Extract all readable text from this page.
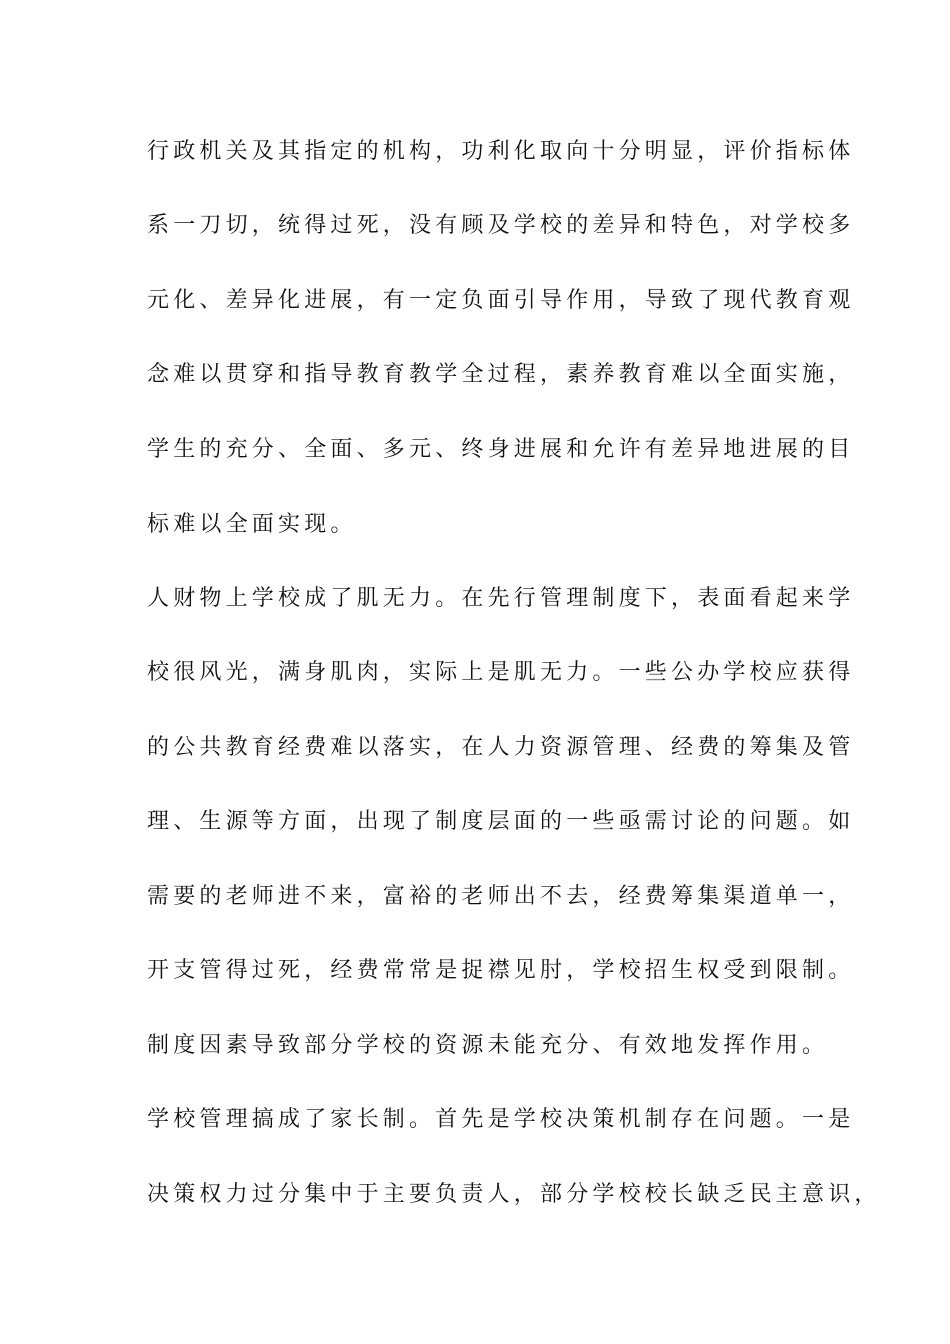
行政机关及其指定的机构，功利化取向十分明显，评价指标体
系一刀切，统得过死，没有顾及学校的差异和特色，对学校多
元化、差异化进展，有一定负面引导作用，导致了现代教育观
念难以贯穿和指导教育教学全过程，素养教育难以全面实施，
学生的充分、全面、多元、终身进展和允许有差异地进展的目
标难以全面实现。
人财物上学校成了肌无力。在先行管理制度下，表面看起来学
校很风光，满身肌肉，实际上是肌无力。一些公办学校应获得
的公共教育经费难以落实，在人力资源管理、经费的筹集及管
理、生源等方面，出现了制度层面的一些亟需讨论的问题。如
需要的老师进不来，富裕的老师出不去，经费筹集渠道单一，
开支管得过死，经费常常是捉襟见肘，学校招生权受到限制。
制度因素导致部分学校的资源未能充分、有效地发挥作用。
学校管理搞成了家长制。首先是学校决策机制存在问题。一是
决策权力过分集中于主要负责人，部分学校校长缺乏民主意识，
